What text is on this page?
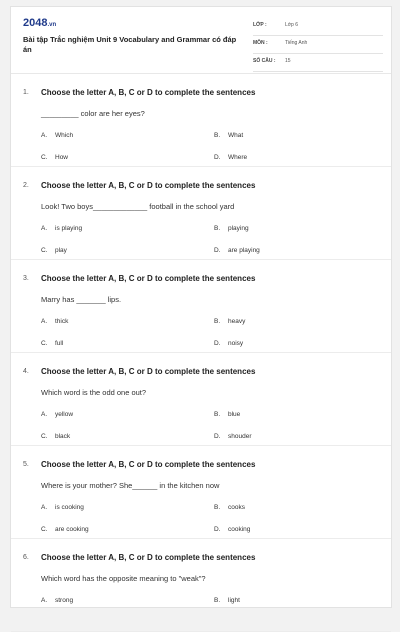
2048.vn
Bài tập Trắc nghiệm Unit 9 Vocabulary and Grammar có đáp án
LỚP :	Lớp 6
MÔN :	Tiếng Anh
SỐ CÂU : 15
1. Choose the letter A, B, C or D to complete the sentences
_________ color are her eyes?
A. Which	B. What
C. How	D. Where
2. Choose the letter A, B, C or D to complete the sentences
Look! Two boys_____________ football in the school yard
A. is playing	B. playing
C. play	D. are playing
3. Choose the letter A, B, C or D to complete the sentences
Marry has _______ lips.
A. thick	B. heavy
C. full	D. noisy
4. Choose the letter A, B, C or D to complete the sentences
Which word is the odd one out?
A. yellow	B. blue
C. black	D. shouder
5. Choose the letter A, B, C or D to complete the sentences
Where is your mother? She______ in the kitchen now
A. is cooking	B. cooks
C. are cooking	D. cooking
6. Choose the letter A, B, C or D to complete the sentences
Which word has the opposite meaning to "weak"?
A. strong	B. light
